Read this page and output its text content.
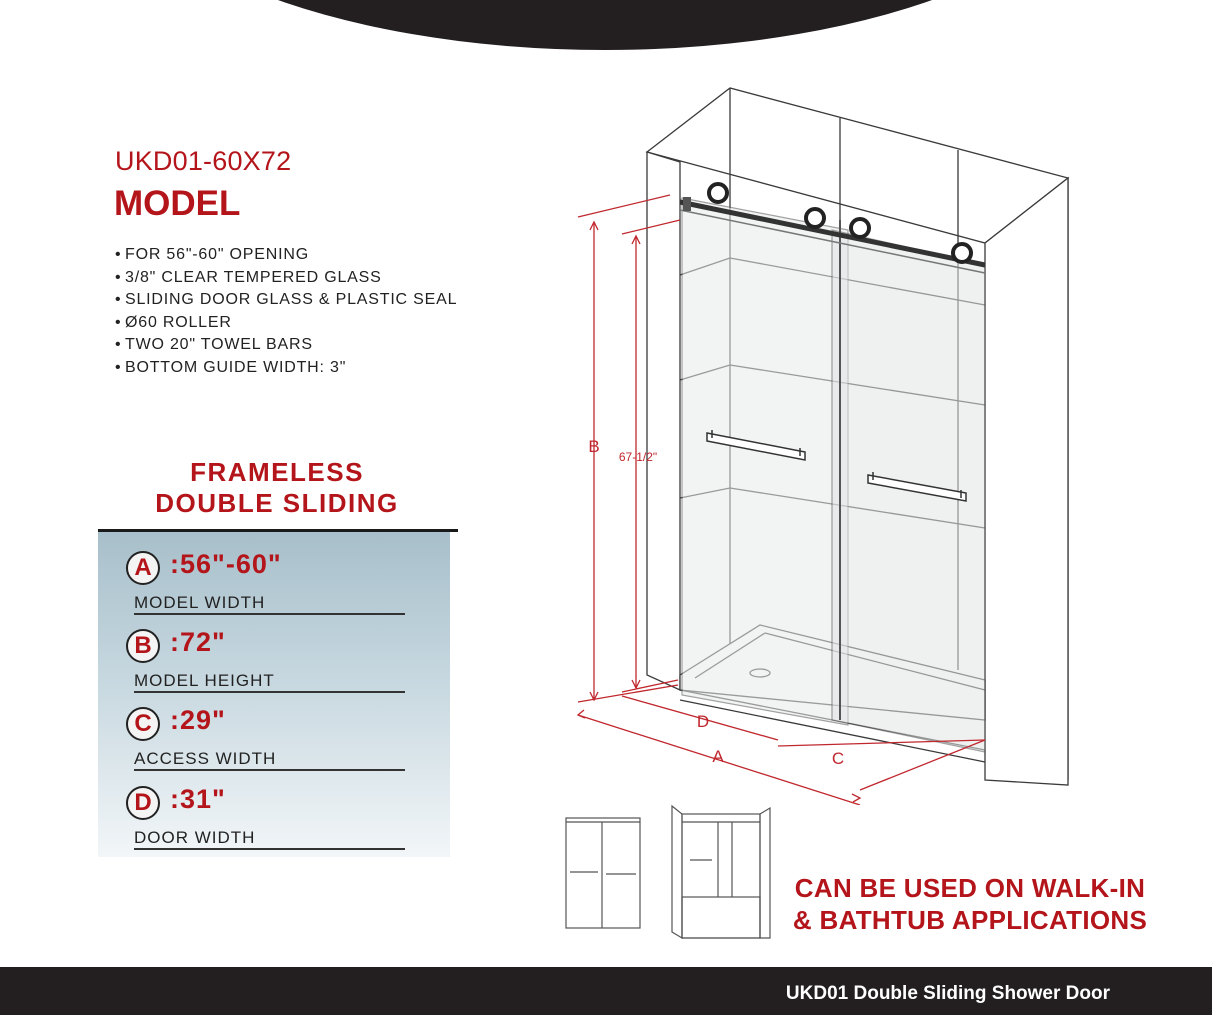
UKD01-60X72
MODEL
• FOR 56"-60" OPENING
• 3/8" CLEAR TEMPERED GLASS
• SLIDING DOOR GLASS & PLASTIC SEAL
• Ø60 ROLLER
• TWO 20" TOWEL BARS
• BOTTOM GUIDE WIDTH: 3"
FRAMELESS
DOUBLE SLIDING
A :56"-60"
MODEL WIDTH
B :72"
MODEL HEIGHT
C :29"
ACCESS WIDTH
D :31"
DOOR WIDTH
B
67-1/2"
D
A	C
CAN BE USED ON WALK-IN
& BATHTUB APPLICATIONS
UKD01 Double Sliding Shower Door
